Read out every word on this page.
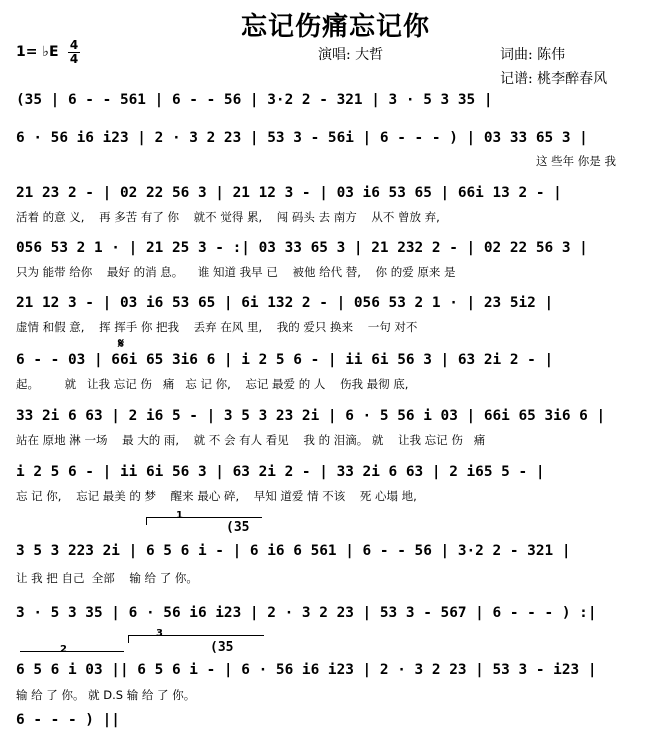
忘记伤痛忘记你
1= ♭E 4
4	演唱: 大哲	词曲: 陈伟
记谱: 桃李醉春风
(35 | 6 - - 561 | 6 - - 56 | 3·2 2 - 321 | 3 · 5 3 35 |
6 · 56 i6 i23 | 2 · 3 2 23 | 53 3 - 56i | 6 - - - ) | 03 33 65 3 |
这 些年 你是 我
21 23 2 - | 02 22 56 3 | 21 12 3 - | 03 i6 53 65 | 66i 13 2 - |
活着 的意 义,    再 多苦 有了 你    就不 觉得 累,    闯 码头 去 南方    从不 曾放 弃,
056 53 2 1 · | 21 25 3 - :| 03 33 65 3 | 21 232 2 - | 02 22 56 3 |
只为 能带 给你    最好 的消 息。    谁 知道 我早 已    被他 给代 替,    你 的爱 原来 是
21 12 3 - | 03 i6 53 65 | 6i 132 2 - | 056 53 2 1 · | 23 5i2 |
虚情 和假 意,    挥 挥手 你 把我    丢弃 在风 里,    我的 爱只 换来    一句 对不
𝄋
6 - - 03 | 66i 65 3i6 6 | i 2 5 6 - | ii 6i 56 3 | 63 2i 2 - |
起。       就   让我 忘记 伤   痛   忘 记 你,    忘记 最爱 的 人    伤我 最彻 底,
33 2i 6 63 | 2 i6 5 - | 3 5 3 23 2i | 6 · 5 56 i 03 | 66i 65 3i6 6 |
站在 原地 淋 一场    最 大的 雨,    就 不 会 有人 看见    我 的 泪滴。 就    让我 忘记 伤   痛
i 2 5 6 - | ii 6i 56 3 | 63 2i 2 - | 33 2i 6 63 | 2 i65 5 - |
忘 记 你,    忘记 最美 的 梦    醒来 最心 碎,    早知 道爱 情 不该    死 心塌 地,
1
(35
3 5 3 223 2i | 6 5 6 i - | 6 i6 6 561 | 6 - - 56 | 3·2 2 - 321 |
让 我 把 自己  全部    输 给 了 你。
3 · 5 3 35 | 6 · 56 i6 i23 | 2 · 3 2 23 | 53 3 - 567 | 6 - - - ) :|
2
3
(35
6 5 6 i 03 || 6 5 6 i - | 6 · 56 i6 i23 | 2 · 3 2 23 | 53 3 - i23 |
输 给 了 你。 就 D.S 输 给 了 你。
6 - - - ) ||
